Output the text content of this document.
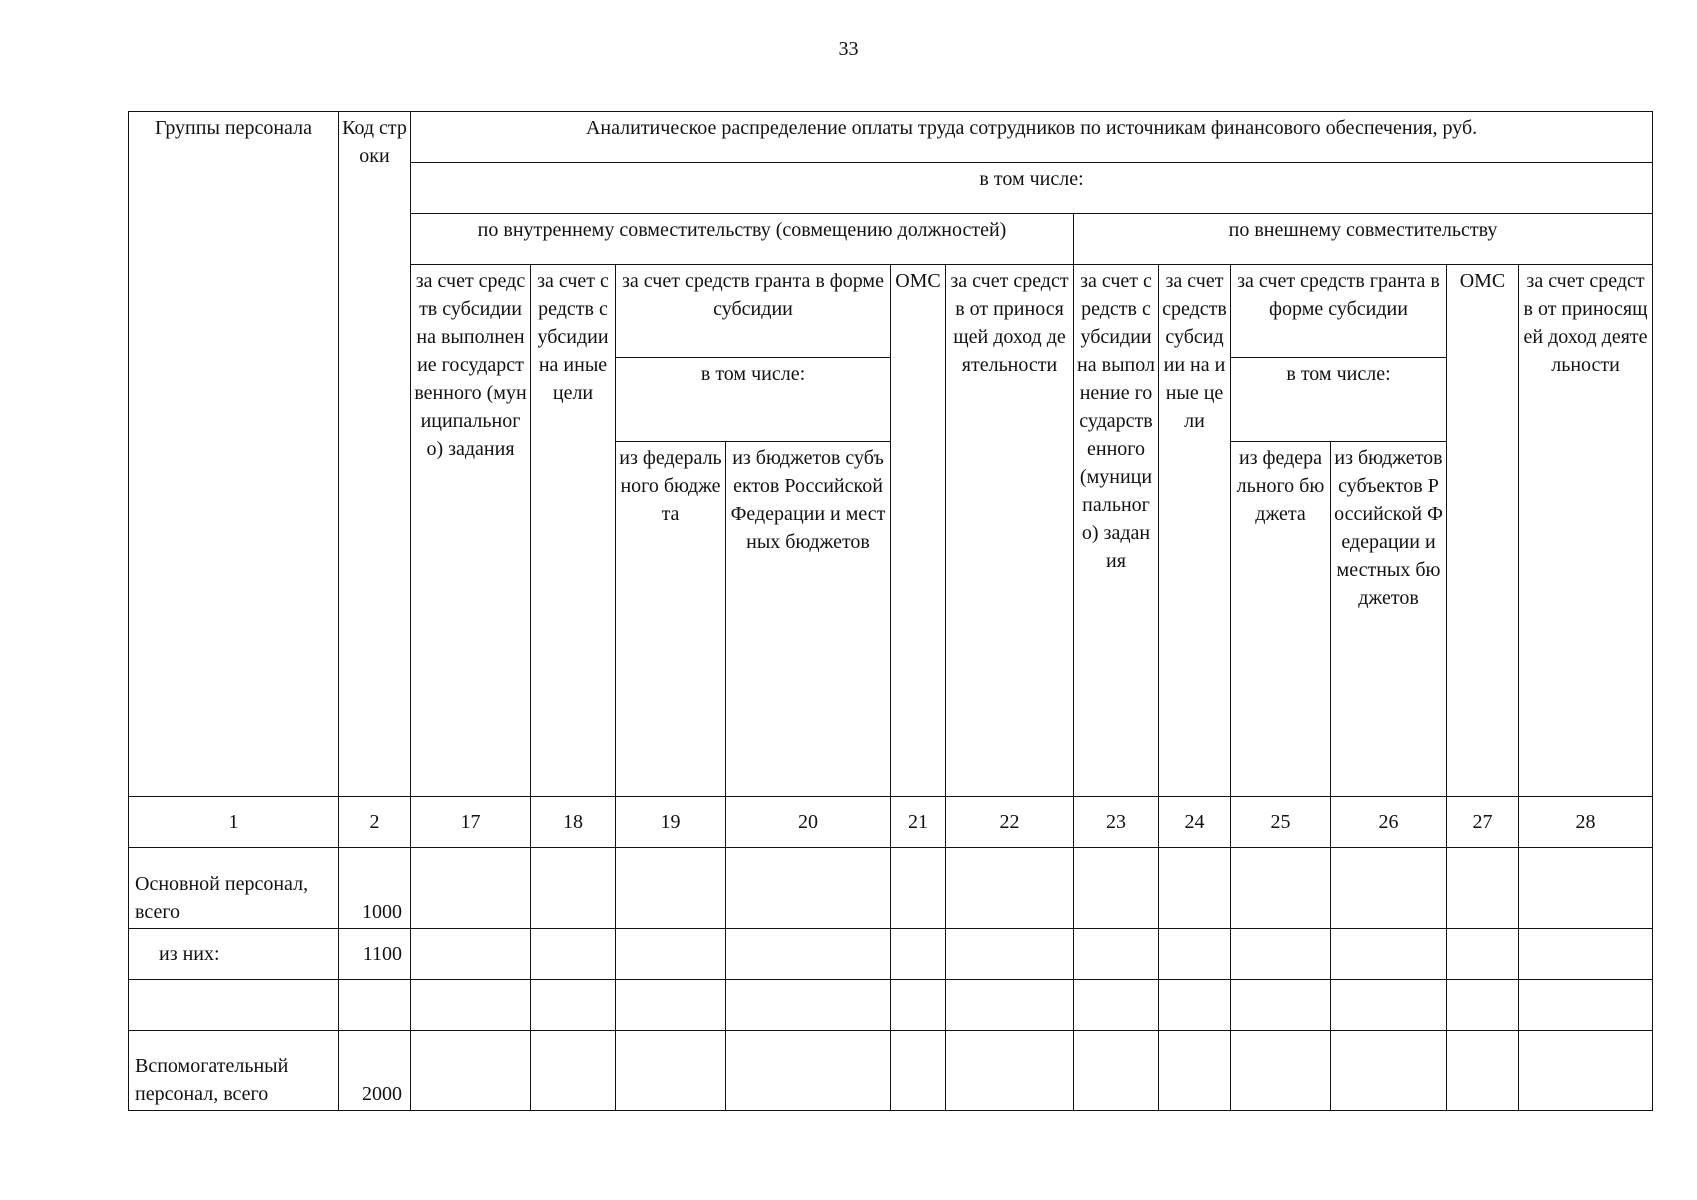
33
Группы персонала	Код строки	Аналитическое распределение оплаты труда сотрудников по источникам финансового обеспечения, руб.											
		в том числе:											
		по внутреннему совместительству (совмещению должностей)						по внешнему совместительству					
		за счет средств субсидии на выполнение государственного (муниципального) задания	за счет средств субсидии на иные цели	за счет средств гранта в форме субсидии		ОМС	за счет средств от приносящей доход деятельности	за счет средств субсидии на выполнение государственного (муниципального) задания	за счет средств субсидии на иные цели	за счет средств гранта в форме субсидии		ОМС	за счет средств от приносящей доход деятельности
				в том числе:						в том числе:			
				из федерального бюджета	из бюджетов субъектов Российской Федерации и местных бюджетов					из федерального бюджета	из бюджетов субъектов Российской Федерации и местных бюджетов		
1	2	17	18	19	20	21	22	23	24	25	26	27	28
Основной персонал, всего	1000												
из них:	1100												

Вспомогательный персонал, всего	2000												
